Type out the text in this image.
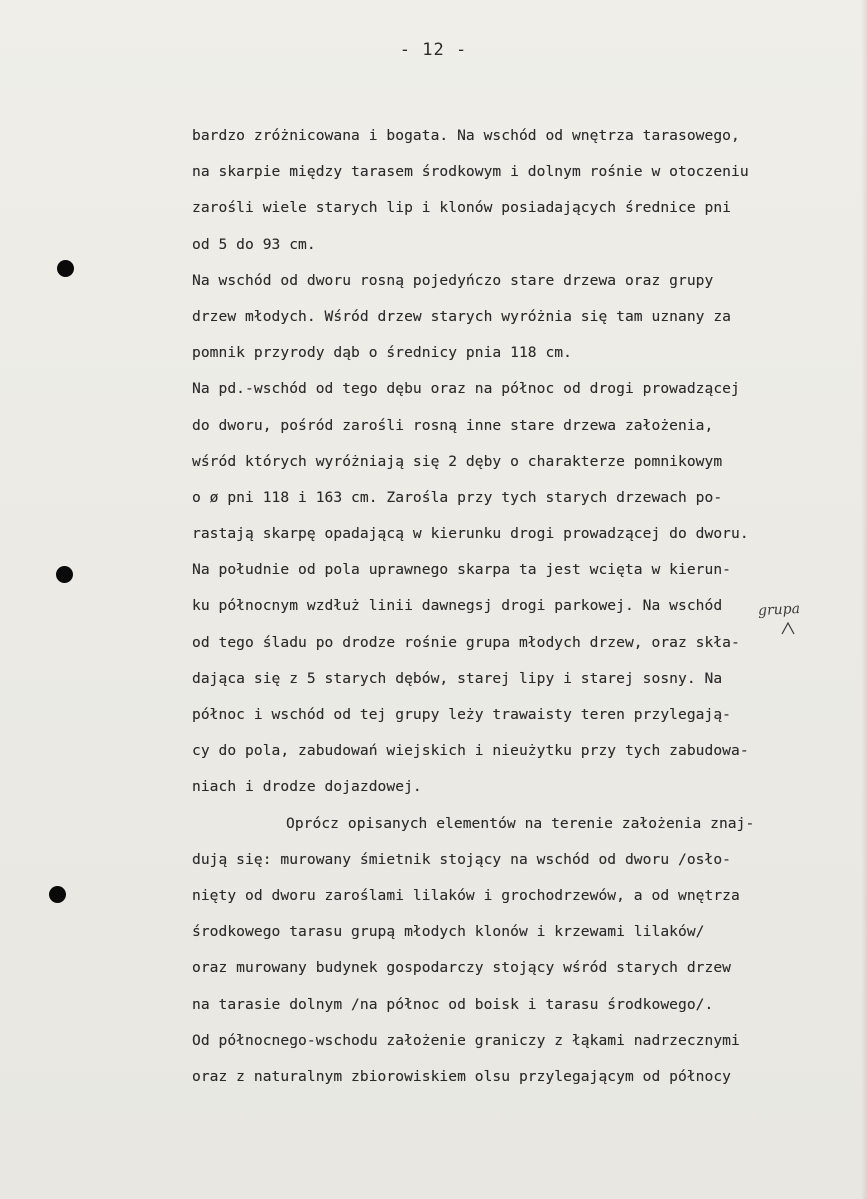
- 12 -
grupa
bardzo zróżnicowana i bogata. Na wschód od wnętrza tarasowego,
na skarpie między tarasem środkowym i dolnym rośnie w otoczeniu
zarośli wiele starych lip i klonów posiadających średnice pni
od 5 do 93 cm.
Na wschód od dworu rosną pojedyńczo stare drzewa oraz grupy
drzew młodych. Wśród drzew starych wyróżnia się tam uznany za
pomnik przyrody dąb o średnicy pnia 118 cm.
Na pd.-wschód od tego dębu oraz na północ od drogi prowadzącej
do dworu, pośród zarośli rosną inne stare drzewa założenia,
wśród których wyróżniają się 2 dęby o charakterze pomnikowym
o ø pni 118 i 163 cm. Zarośla przy tych starych drzewach po-
rastają skarpę opadającą w kierunku drogi prowadzącej do dworu.
Na południe od pola uprawnego skarpa ta jest wcięta w kierun-
ku północnym wzdłuż linii dawnegsj drogi parkowej. Na wschód
od tego śladu po drodze rośnie grupa młodych drzew, oraz skła-
dająca się z 5 starych dębów, starej lipy i starej sosny. Na
północ i wschód od tej grupy leży trawaisty teren przylegają-
cy do pola, zabudowań wiejskich i nieużytku przy tych zabudowa-
niach i drodze dojazdowej.
Oprócz opisanych elementów na terenie założenia znaj-
dują się: murowany śmietnik stojący na wschód od dworu /osło-
nięty od dworu zaroślami lilaków i grochodrzewów, a od wnętrza
środkowego tarasu grupą młodych klonów i krzewami lilaków/
oraz murowany budynek gospodarczy stojący wśród starych drzew
na tarasie dolnym /na północ od boisk i tarasu środkowego/.
Od północnego-wschodu założenie graniczy z łąkami nadrzecznymi
oraz z naturalnym zbiorowiskiem olsu przylegającym od północy
